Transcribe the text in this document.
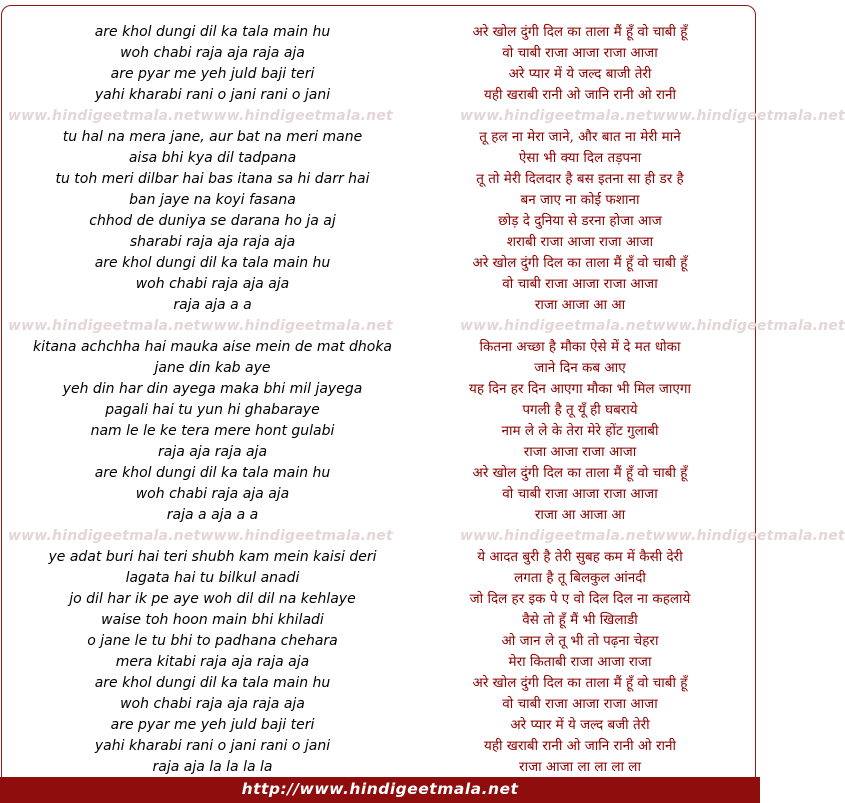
are khol dungi dil ka tala main hu
woh chabi raja aja raja aja
are pyar me yeh juld baji teri
yahi kharabi rani o jani rani o jani
www.hindigeetmala.net www.hindigeetmala.net
tu hal na mera jane, aur bat na meri mane
aisa bhi kya dil tadpana
tu toh meri dilbar hai bas itana sa hi darr hai
ban jaye na koyi fasana
chhod de duniya se darana ho ja aj
sharabi raja aja raja aja
are khol dungi dil ka tala main hu
woh chabi raja aja aja
raja aja a a
www.hindigeetmala.net www.hindigeetmala.net
kitana achchha hai mauka aise mein de mat dhoka
jane din kab aye
yeh din har din ayega maka bhi mil jayega
pagali hai tu yun hi ghabaraye
nam le le ke tera mere hont gulabi
raja aja raja aja
are khol dungi dil ka tala main hu
woh chabi raja aja aja
raja a aja a a
www.hindigeetmala.net www.hindigeetmala.net
ye adat buri hai teri shubh kam mein kaisi deri
lagata hai tu bilkul anadi
jo dil har ik pe aye woh dil dil na kehlaye
waise toh hoon main bhi khiladi
o jane le tu bhi to padhana chehara
mera kitabi raja aja raja aja
are khol dungi dil ka tala main hu
woh chabi raja aja raja aja
are pyar me yeh juld baji teri
yahi kharabi rani o jani rani o jani
raja aja la la la la
अरे खोल दुंगी दिल का ताला मैं हूँ वो चाबी हूँ
वो चाबी राजा आजा राजा आजा
अरे प्यार में ये जल्द बाजी तेरी
यही खराबी रानी ओ जानि रानी ओ रानी
www.hindigeetmala.net www.hindigeetmala.net
तू हल ना मेरा जाने, और बात ना मेरी माने
ऐसा भी क्या दिल तड़पना
तू तो मेरी दिलदार है बस इतना सा ही डर है
बन जाए ना कोई फशाना
छोड़ दे दुनिया से डरना होजा आज
शराबी राजा आजा राजा आजा
अरे खोल दुंगी दिल का ताला मैं हूँ वो चाबी हूँ
वो चाबी राजा आजा राजा आजा
राजा आजा आ आ
www.hindigeetmala.net www.hindigeetmala.net
कितना अच्छा है मौका ऐसे में दे मत धोका
जाने दिन कब आए
यह दिन हर दिन आएगा मौका भी मिल जाएगा
पगली है तू यूँ ही घबराये
नाम ले ले के तेरा मेरे होंट गुलाबी
राजा आजा राजा आजा
अरे खोल दुंगी दिल का ताला मैं हूँ वो चाबी हूँ
वो चाबी राजा आजा राजा आजा
राजा आ आजा आ
www.hindigeetmala.net www.hindigeetmala.net
ये आदत बुरी है तेरी सुबह कम में कैसी देरी
लगता है तू बिलकुल आंनदी
जो दिल हर इक पे ए वो दिल दिल ना कहलाये
वैसे तो हूँ मैं भी खिलाडी
ओ जान ले तू भी तो पढ़ना चेहरा
मेरा किताबी राजा आजा राजा
अरे खोल दुंगी दिल का ताला मैं हूँ वो चाबी हूँ
वो चाबी राजा आजा राजा आजा
अरे प्यार में ये जल्द बजी तेरी
यही खराबी रानी ओ जानि रानी ओ रानी
राजा आजा ला ला ला ला
http://www.hindigeetmala.net
